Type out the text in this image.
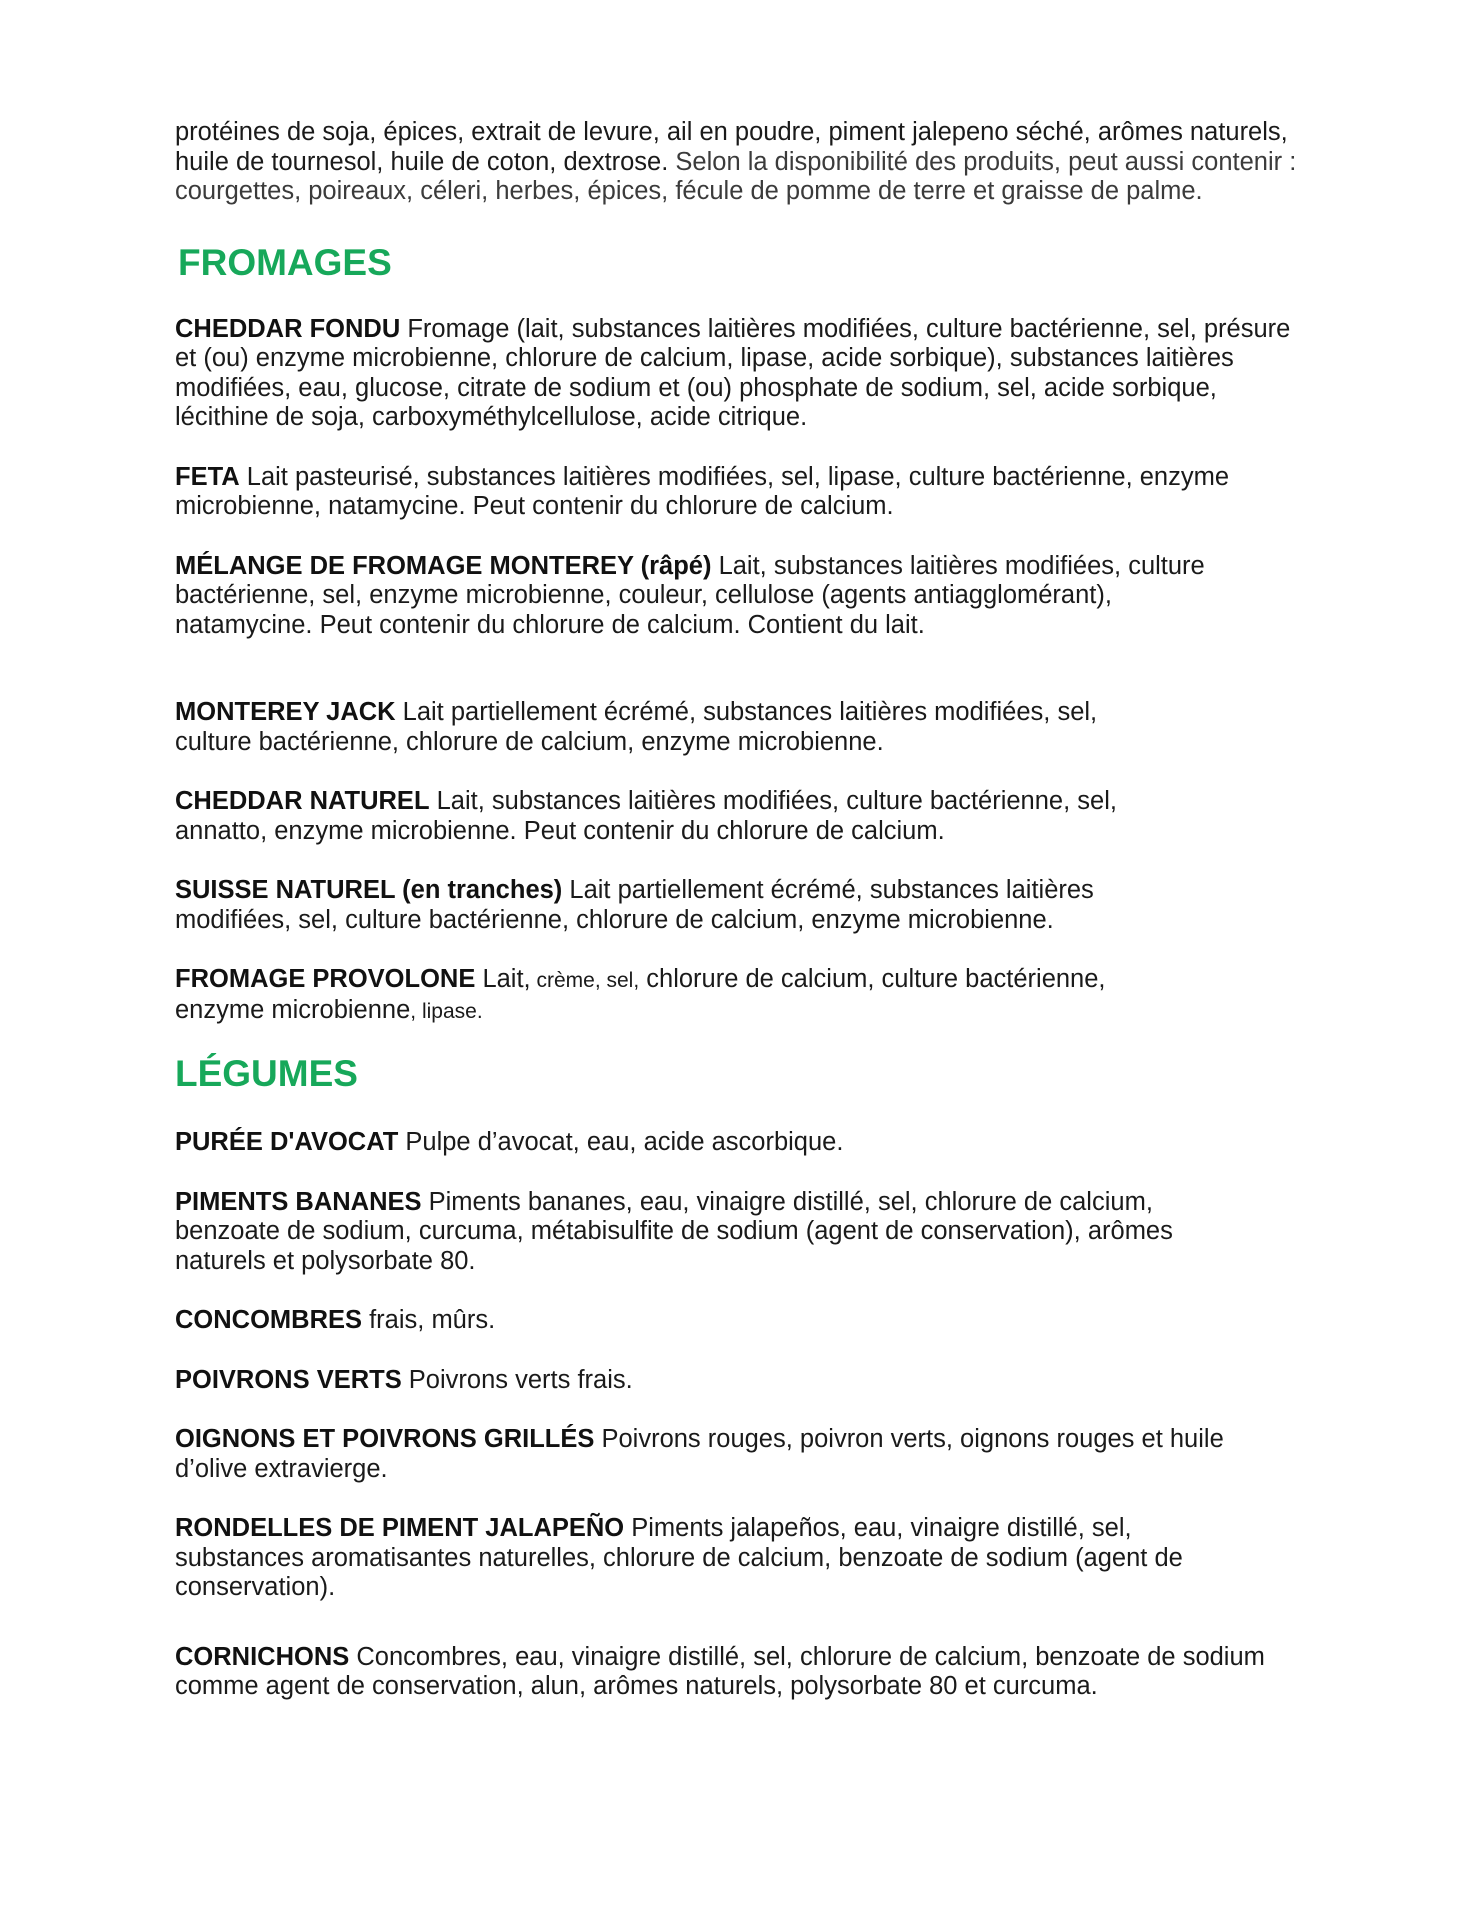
protéines de soja, épices, extrait de levure, ail en poudre, piment jalepeno séché, arômes naturels, huile de tournesol, huile de coton, dextrose. Selon la disponibilité des produits, peut aussi contenir : courgettes, poireaux, céleri, herbes, épices, fécule de pomme de terre et graisse de palme.

FROMAGES

CHEDDAR FONDU Fromage (lait, substances laitières modifiées, culture bactérienne, sel, présure et (ou) enzyme microbienne, chlorure de calcium, lipase, acide sorbique), substances laitières modifiées, eau, glucose, citrate de sodium et (ou) phosphate de sodium, sel, acide sorbique, lécithine de soja, carboxyméthylcellulose, acide citrique.

FETA Lait pasteurisé, substances laitières modifiées, sel, lipase, culture bactérienne, enzyme microbienne, natamycine. Peut contenir du chlorure de calcium.

MÉLANGE DE FROMAGE MONTEREY (râpé) Lait, substances laitières modifiées, culture bactérienne, sel, enzyme microbienne, couleur, cellulose (agents antiagglomérant), natamycine. Peut contenir du chlorure de calcium. Contient du lait.

MONTEREY JACK Lait partiellement écrémé, substances laitières modifiées, sel, culture bactérienne, chlorure de calcium, enzyme microbienne.

CHEDDAR NATUREL Lait, substances laitières modifiées, culture bactérienne, sel, annatto, enzyme microbienne. Peut contenir du chlorure de calcium.

SUISSE NATUREL (en tranches) Lait partiellement écrémé, substances laitières modifiées, sel, culture bactérienne, chlorure de calcium, enzyme microbienne.

FROMAGE PROVOLONE Lait, crème, sel, chlorure de calcium, culture bactérienne, enzyme microbienne, lipase.

LÉGUMES

PURÉE D'AVOCAT Pulpe d’avocat, eau, acide ascorbique.

PIMENTS BANANES Piments bananes, eau, vinaigre distillé, sel, chlorure de calcium, benzoate de sodium, curcuma, métabisulfite de sodium (agent de conservation), arômes naturels et polysorbate 80.

CONCOMBRES frais, mûrs.

POIVRONS VERTS Poivrons verts frais.

OIGNONS ET POIVRONS GRILLÉS Poivrons rouges, poivron verts, oignons rouges et huile d’olive extravierge.

RONDELLES DE PIMENT JALAPEÑO Piments jalapeños, eau, vinaigre distillé, sel, substances aromatisantes naturelles, chlorure de calcium, benzoate de sodium (agent de conservation).

CORNICHONS Concombres, eau, vinaigre distillé, sel, chlorure de calcium, benzoate de sodium comme agent de conservation, alun, arômes naturels, polysorbate 80 et curcuma.
